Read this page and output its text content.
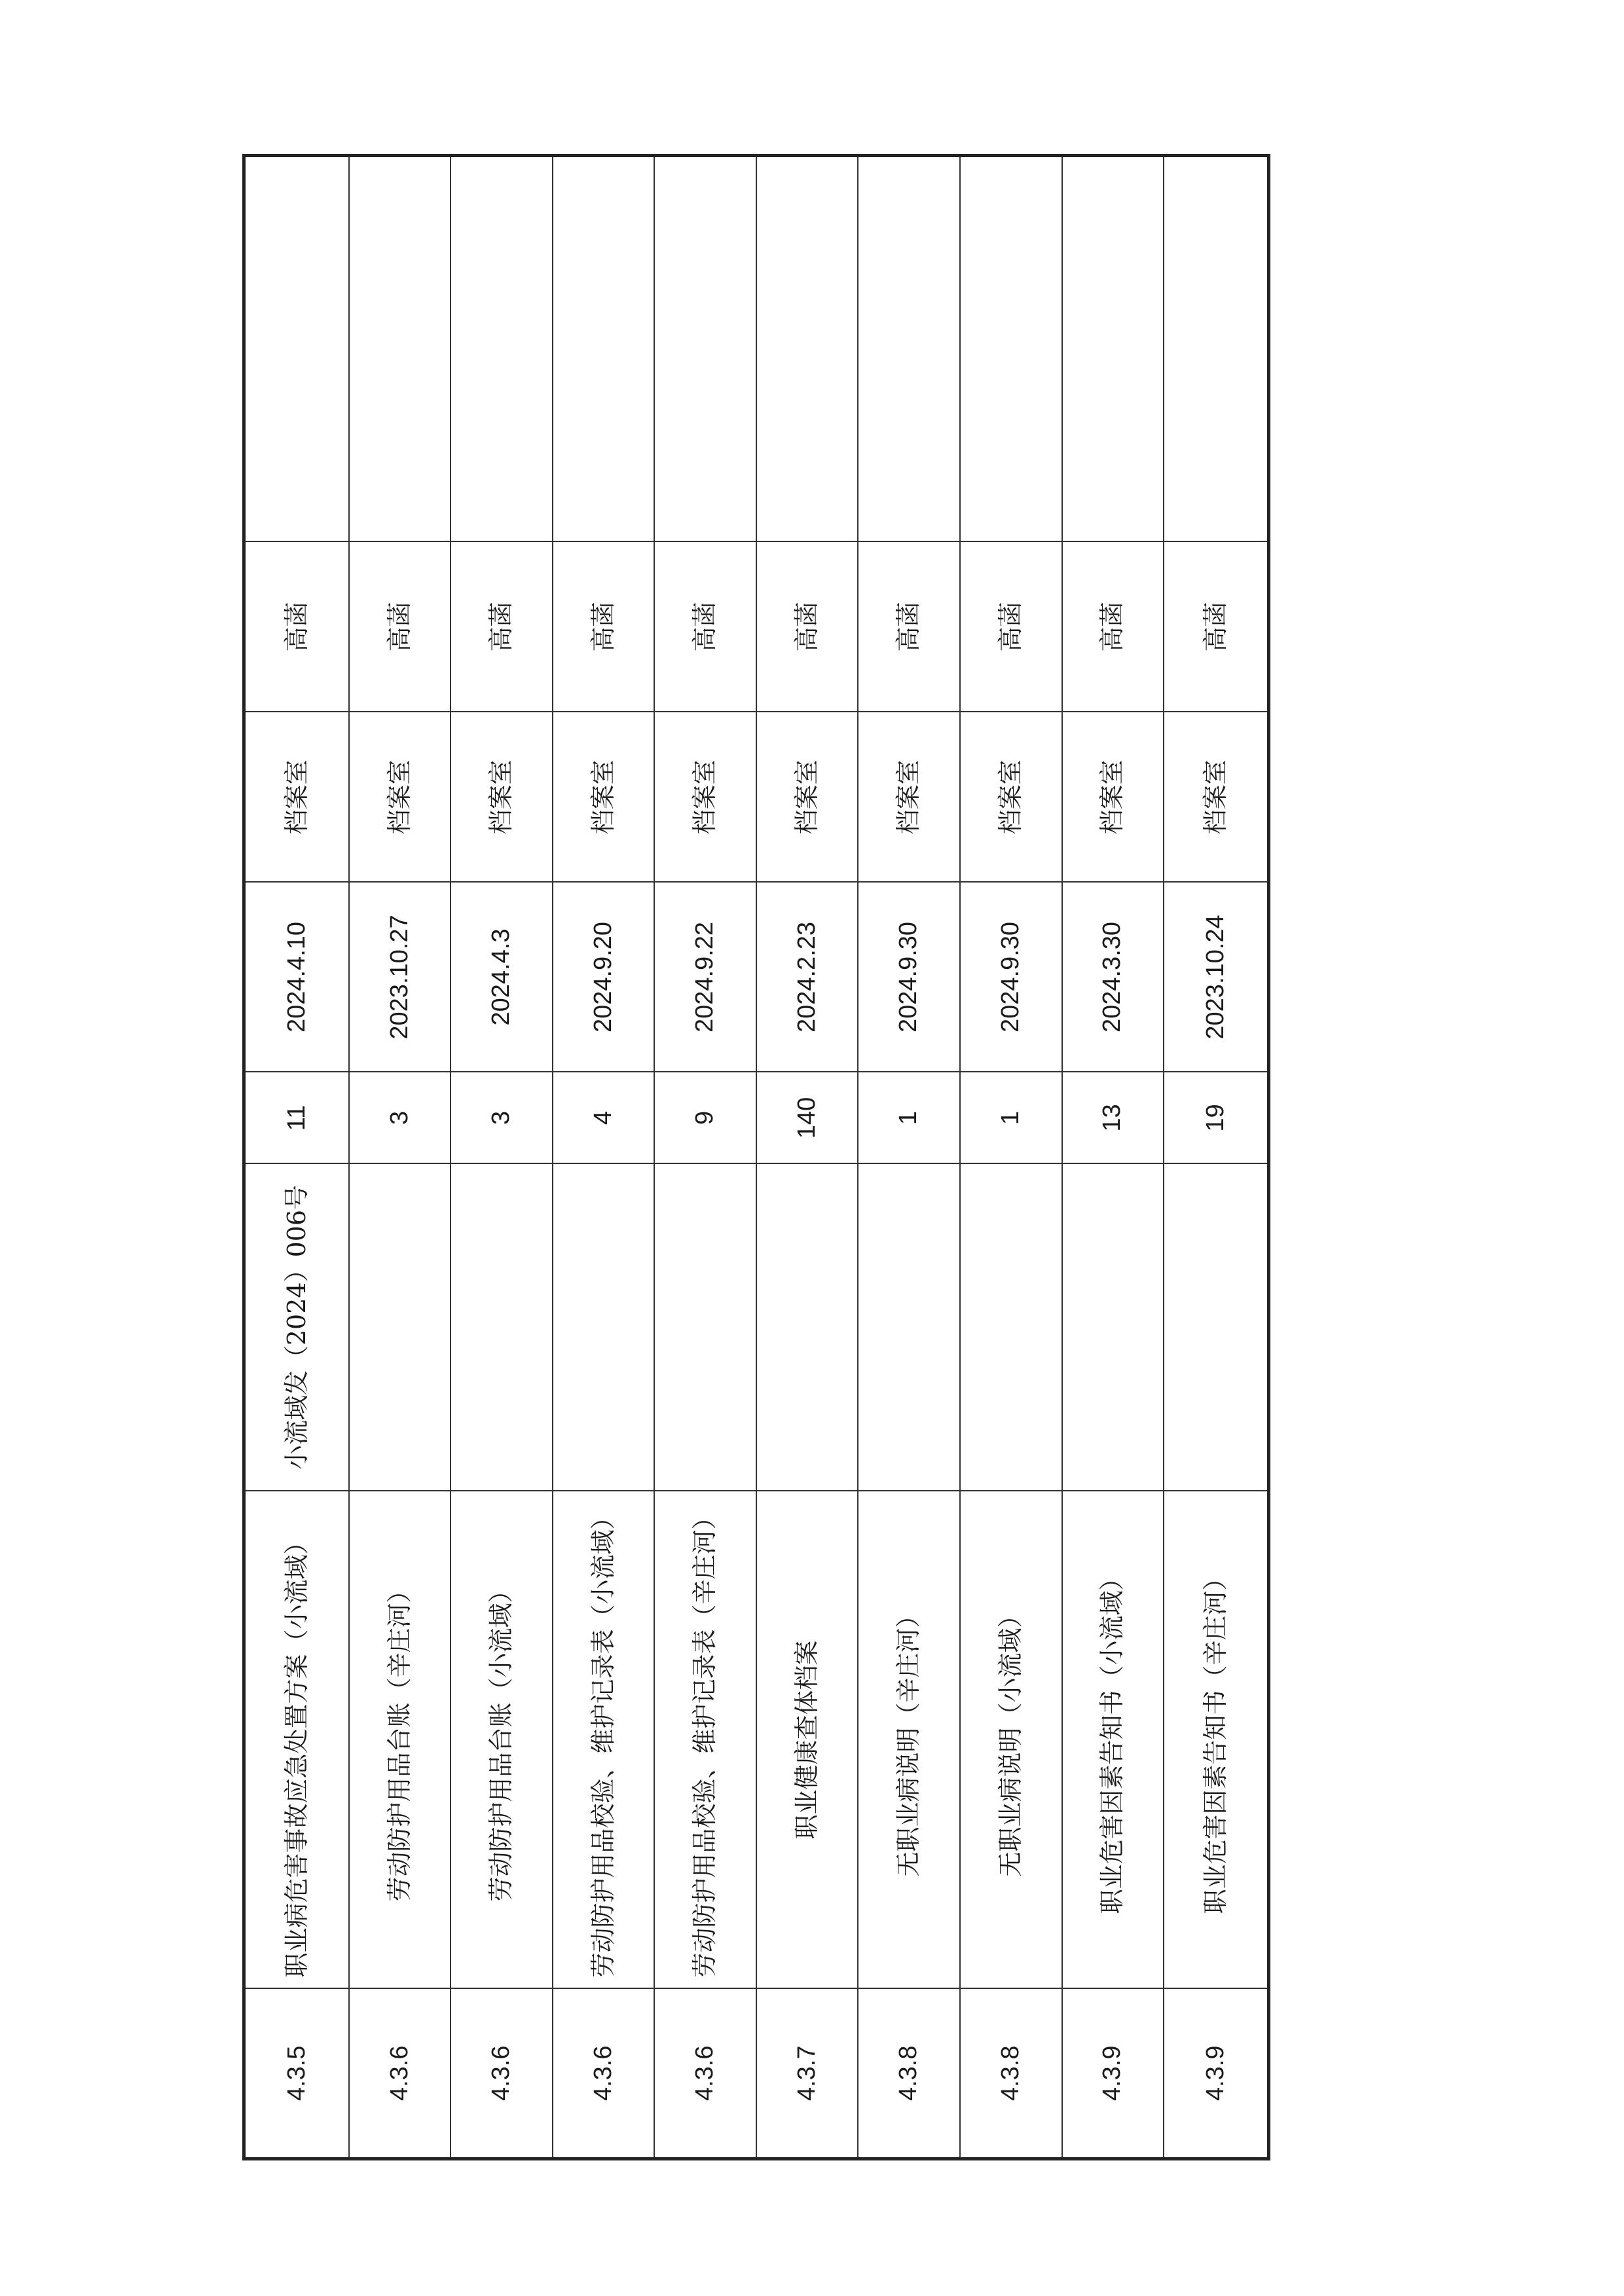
4.3.5	职业病危害事故应急处置方案（小流域）	小流域发（2024）006号	11	2024.4.10	档案室	高菡	
4.3.6	劳动防护用品台账（辛庄河）		3	2023.10.27	档案室	高菡	
4.3.6	劳动防护用品台账（小流域）		3	2024.4.3	档案室	高菡	
4.3.6	劳动防护用品校验、维护记录表（小流域）		4	2024.9.20	档案室	高菡	
4.3.6	劳动防护用品校验、维护记录表（辛庄河）		9	2024.9.22	档案室	高菡	
4.3.7	职业健康查体档案		140	2024.2.23	档案室	高菡	
4.3.8	无职业病说明（辛庄河）		1	2024.9.30	档案室	高菡	
4.3.8	无职业病说明（小流域）		1	2024.9.30	档案室	高菡	
4.3.9	职业危害因素告知书（小流域）		13	2024.3.30	档案室	高菡	
4.3.9	职业危害因素告知书（辛庄河）		19	2023.10.24	档案室	高菡	
